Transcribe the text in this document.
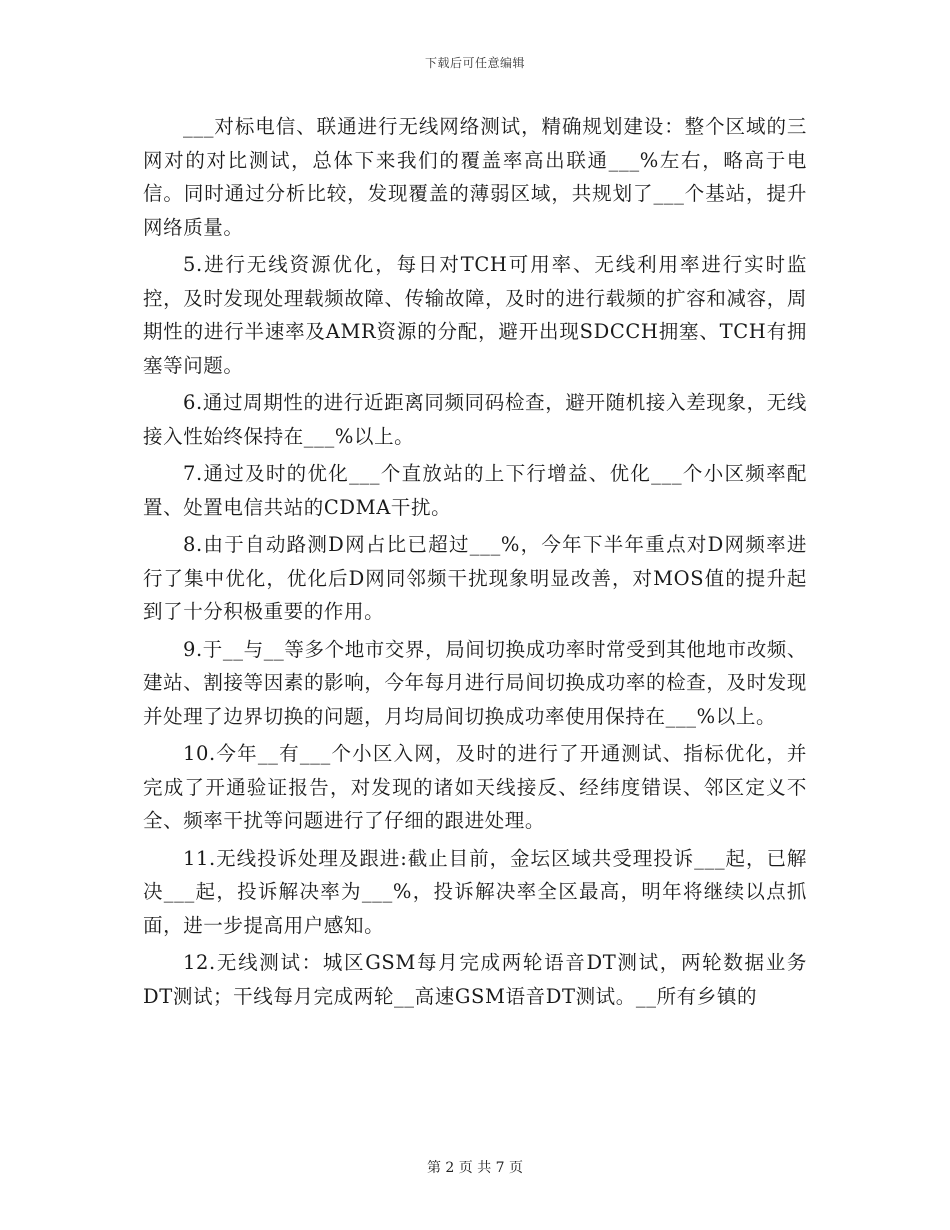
下载后可任意编辑

___对标电信、联通进行无线网络测试，精确规划建设：整个区域的三网对的对比测试，总体下来我们的覆盖率高出联通___%左右，略高于电信。同时通过分析比较，发现覆盖的薄弱区域，共规划了___个基站，提升网络质量。

5.进行无线资源优化，每日对TCH可用率、无线利用率进行实时监控，及时发现处理载频故障、传输故障，及时的进行载频的扩容和减容，周期性的进行半速率及AMR资源的分配，避开出现SDCCH拥塞、TCH有拥塞等问题。

6.通过周期性的进行近距离同频同码检查，避开随机接入差现象，无线接入性始终保持在___%以上。

7.通过及时的优化___个直放站的上下行增益、优化___个小区频率配置、处置电信共站的CDMA干扰。

8.由于自动路测D网占比已超过___%，今年下半年重点对D网频率进行了集中优化，优化后D网同邻频干扰现象明显改善，对MOS值的提升起到了十分积极重要的作用。

9.于__与__等多个地市交界，局间切换成功率时常受到其他地市改频、建站、割接等因素的影响，今年每月进行局间切换成功率的检查，及时发现并处理了边界切换的问题，月均局间切换成功率使用保持在___%以上。

10.今年__有___个小区入网，及时的进行了开通测试、指标优化，并完成了开通验证报告，对发现的诸如天线接反、经纬度错误、邻区定义不全、频率干扰等问题进行了仔细的跟进处理。

11.无线投诉处理及跟进:截止目前，金坛区域共受理投诉___起，已解决___起，投诉解决率为___%，投诉解决率全区最高，明年将继续以点抓面，进一步提高用户感知。

12.无线测试：城区GSM每月完成两轮语音DT测试，两轮数据业务DT测试；干线每月完成两轮__高速GSM语音DT测试。__所有乡镇的

第 2 页 共 7 页
